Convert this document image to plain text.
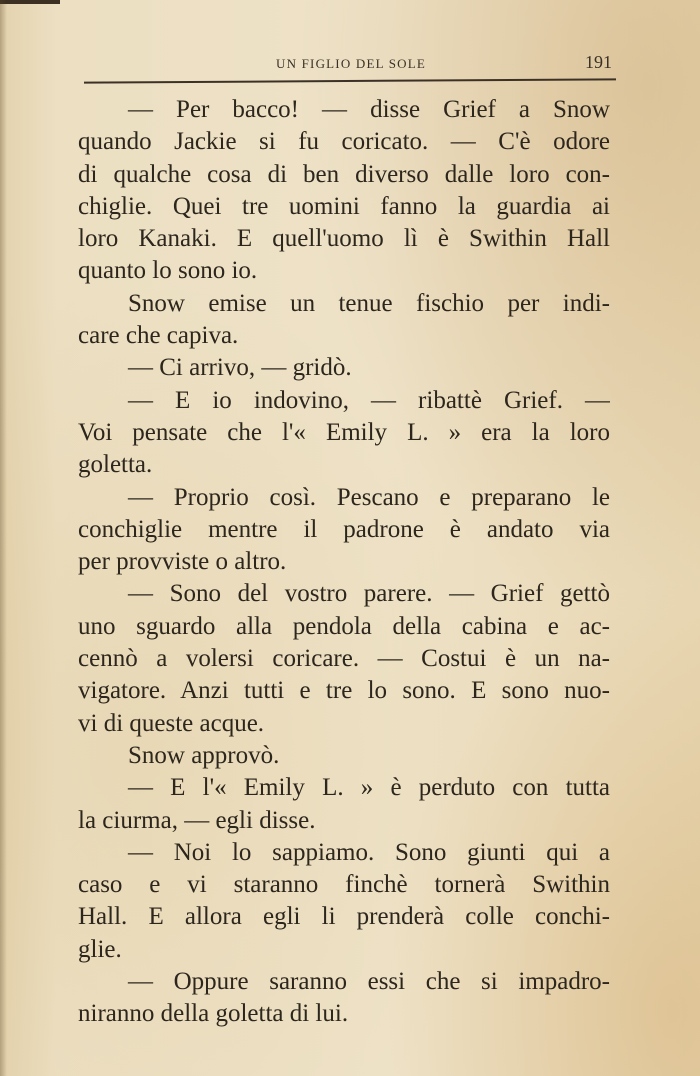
UN FIGLIO DEL SOLE	191
— Per bacco! — disse Grief a Snow
quando Jackie si fu coricato. — C'è odore
di qualche cosa di ben diverso dalle loro con-
chiglie. Quei tre uomini fanno la guardia ai
loro Kanaki. E quell'uomo lì è Swithin Hall
quanto lo sono io.
Snow emise un tenue fischio per indi-
care che capiva.
— Ci arrivo, — gridò.
— E io indovino, — ribattè Grief. —
Voi pensate che l'« Emily L. » era la loro
goletta.
— Proprio così. Pescano e preparano le
conchiglie mentre il padrone è andato via
per provviste o altro.
— Sono del vostro parere. — Grief gettò
uno sguardo alla pendola della cabina e ac-
cennò a volersi coricare. — Costui è un na-
vigatore. Anzi tutti e tre lo sono. E sono nuo-
vi di queste acque.
Snow approvò.
— E l'« Emily L. » è perduto con tutta
la ciurma, — egli disse.
— Noi lo sappiamo. Sono giunti qui a
caso e vi staranno finchè tornerà Swithin
Hall. E allora egli li prenderà colle conchi-
glie.
— Oppure saranno essi che si impadro-
niranno della goletta di lui.
